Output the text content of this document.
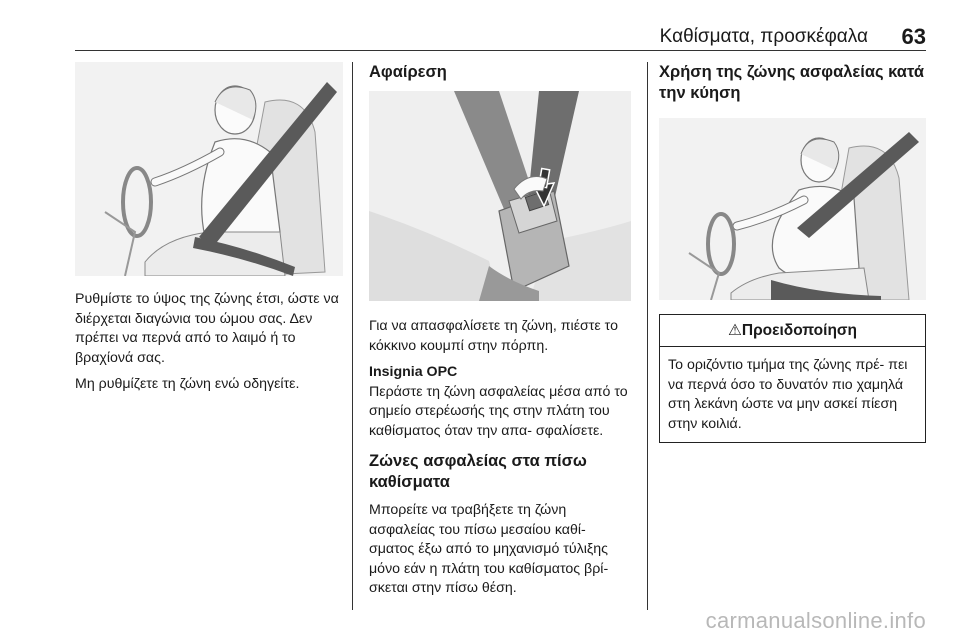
Καθίσματα, προσκέφαλα 63

Ρυθμίστε το ύψος της ζώνης έτσι, ώστε να διέρχεται διαγώνια του ώμου σας. Δεν πρέπει να περνά από το λαιμό ή το βραχίονά σας.

Μη ρυθμίζετε τη ζώνη ενώ οδηγείτε.

Αφαίρεση

Για να απασφαλίσετε τη ζώνη, πιέστε το κόκκινο κουμπί στην πόρπη.

Insignia OPC

Περάστε τη ζώνη ασφαλείας μέσα από το σημείο στερέωσής της στην πλάτη του καθίσματος όταν την απα- σφαλίσετε.

Ζώνες ασφαλείας στα πίσω καθίσματα

Μπορείτε να τραβήξετε τη ζώνη ασφαλείας του πίσω μεσαίου καθί- σματος έξω από το μηχανισμό τύλιξης μόνο εάν η πλάτη του καθίσματος βρί- σκεται στην πίσω θέση.

Χρήση της ζώνης ασφαλείας κατά την κύηση

⚠Προειδοποίηση

Το οριζόντιο τμήμα της ζώνης πρέ- πει να περνά όσο το δυνατόν πιο χαμηλά στη λεκάνη ώστε να μην ασκεί πίεση στην κοιλιά.

carmanualsonline.info
